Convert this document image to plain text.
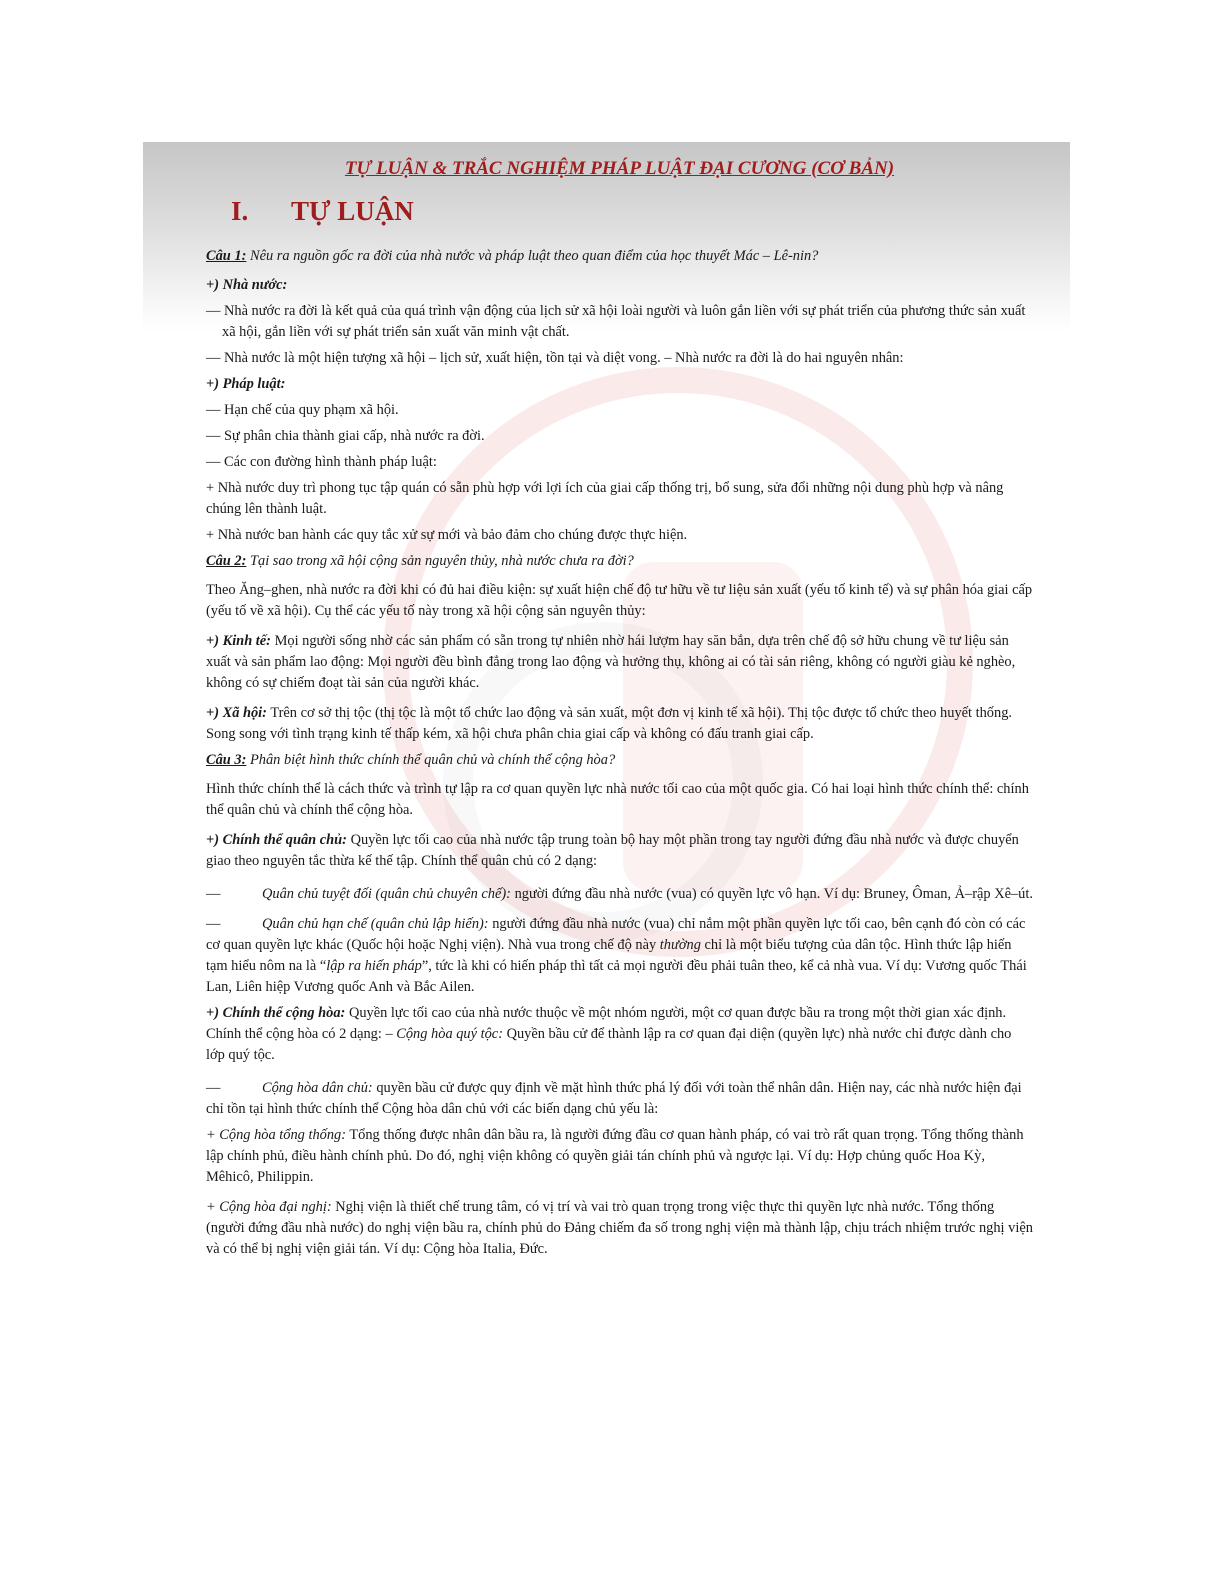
TỰ LUẬN & TRẮC NGHIỆM PHÁP LUẬT ĐẠI CƯƠNG (CƠ BẢN)
I. TỰ LUẬN

Câu 1: Nêu ra nguồn gốc ra đời của nhà nước và pháp luật theo quan điểm của học thuyết Mác – Lê-nin?

+) Nhà nước:

— Nhà nước ra đời là kết quả của quá trình vận động của lịch sử xã hội loài người và luôn gắn liền với sự phát triển của phương thức sản xuất xã hội, gắn liền với sự phát triển sản xuất văn minh vật chất.

— Nhà nước là một hiện tượng xã hội – lịch sử, xuất hiện, tồn tại và diệt vong. – Nhà nước ra đời là do hai nguyên nhân:

+) Pháp luật:

— Hạn chế của quy phạm xã hội.

— Sự phân chia thành giai cấp, nhà nước ra đời.

— Các con đường hình thành pháp luật:

+ Nhà nước duy trì phong tục tập quán có sẵn phù hợp với lợi ích của giai cấp thống trị, bổ sung, sửa đổi những nội dung phù hợp và nâng chúng lên thành luật.

+ Nhà nước ban hành các quy tắc xử sự mới và bảo đảm cho chúng được thực hiện.

Câu 2: Tại sao trong xã hội cộng sản nguyên thủy, nhà nước chưa ra đời?

Theo Ăng–ghen, nhà nước ra đời khi có đủ hai điều kiện: sự xuất hiện chế độ tư hữu về tư liệu sản xuất (yếu tố kinh tế) và sự phân hóa giai cấp (yếu tố về xã hội). Cụ thể các yếu tố này trong xã hội cộng sản nguyên thủy:

+) Kinh tế: Mọi người sống nhờ các sản phẩm có sẵn trong tự nhiên nhờ hái lượm hay săn bắn, dựa trên chế độ sở hữu chung về tư liệu sản xuất và sản phẩm lao động: Mọi người đều bình đẳng trong lao động và hưởng thụ, không ai có tài sản riêng, không có người giàu kẻ nghèo, không có sự chiếm đoạt tài sản của người khác.

+) Xã hội: Trên cơ sở thị tộc (thị tộc là một tổ chức lao động và sản xuất, một đơn vị kinh tế xã hội). Thị tộc được tổ chức theo huyết thống. Song song với tình trạng kinh tế thấp kém, xã hội chưa phân chia giai cấp và không có đấu tranh giai cấp.

Câu 3: Phân biệt hình thức chính thể quân chủ và chính thể cộng hòa?

Hình thức chính thể là cách thức và trình tự lập ra cơ quan quyền lực nhà nước tối cao của một quốc gia. Có hai loại hình thức chính thể: chính thể quân chủ và chính thể cộng hòa.

+) Chính thể quân chủ: Quyền lực tối cao của nhà nước tập trung toàn bộ hay một phần trong tay người đứng đầu nhà nước và được chuyển giao theo nguyên tắc thừa kế thế tập. Chính thể quân chủ có 2 dạng:

—	Quân chủ tuyệt đối (quân chủ chuyên chế): người đứng đầu nhà nước (vua) có quyền lực vô hạn. Ví dụ: Bruney, Ôman, Ả–rập Xê–út.

—	Quân chủ hạn chế (quân chủ lập hiến): người đứng đầu nhà nước (vua) chỉ nắm một phần quyền lực tối cao, bên cạnh đó còn có các cơ quan quyền lực khác (Quốc hội hoặc Nghị viện). Nhà vua trong chế độ này thường chỉ là một biểu tượng của dân tộc. Hình thức lập hiến tạm hiểu nôm na là “lập ra hiến pháp”, tức là khi có hiến pháp thì tất cả mọi người đều phải tuân theo, kể cả nhà vua. Ví dụ: Vương quốc Thái Lan, Liên hiệp Vương quốc Anh và Bắc Ailen.

+) Chính thể cộng hòa: Quyền lực tối cao của nhà nước thuộc về một nhóm người, một cơ quan được bầu ra trong một thời gian xác định. Chính thể cộng hòa có 2 dạng: – Cộng hòa quý tộc: Quyền bầu cử để thành lập ra cơ quan đại diện (quyền lực) nhà nước chỉ được dành cho lớp quý tộc.

—	Cộng hòa dân chủ: quyền bầu cử được quy định về mặt hình thức phá lý đối với toàn thể nhân dân. Hiện nay, các nhà nước hiện đại chỉ tồn tại hình thức chính thể Cộng hòa dân chủ với các biến dạng chủ yếu là:

+ Cộng hòa tổng thống: Tổng thống được nhân dân bầu ra, là người đứng đầu cơ quan hành pháp, có vai trò rất quan trọng. Tổng thống thành lập chính phủ, điều hành chính phủ. Do đó, nghị viện không có quyền giải tán chính phủ và ngược lại. Ví dụ: Hợp chủng quốc Hoa Kỳ, Mêhicô, Philippin.

+ Cộng hòa đại nghị: Nghị viện là thiết chế trung tâm, có vị trí và vai trò quan trọng trong việc thực thi quyền lực nhà nước. Tổng thống (người đứng đầu nhà nước) do nghị viện bầu ra, chính phủ do Đảng chiếm đa số trong nghị viện mà thành lập, chịu trách nhiệm trước nghị viện và có thể bị nghị viện giải tán. Ví dụ: Cộng hòa Italia, Đức.
